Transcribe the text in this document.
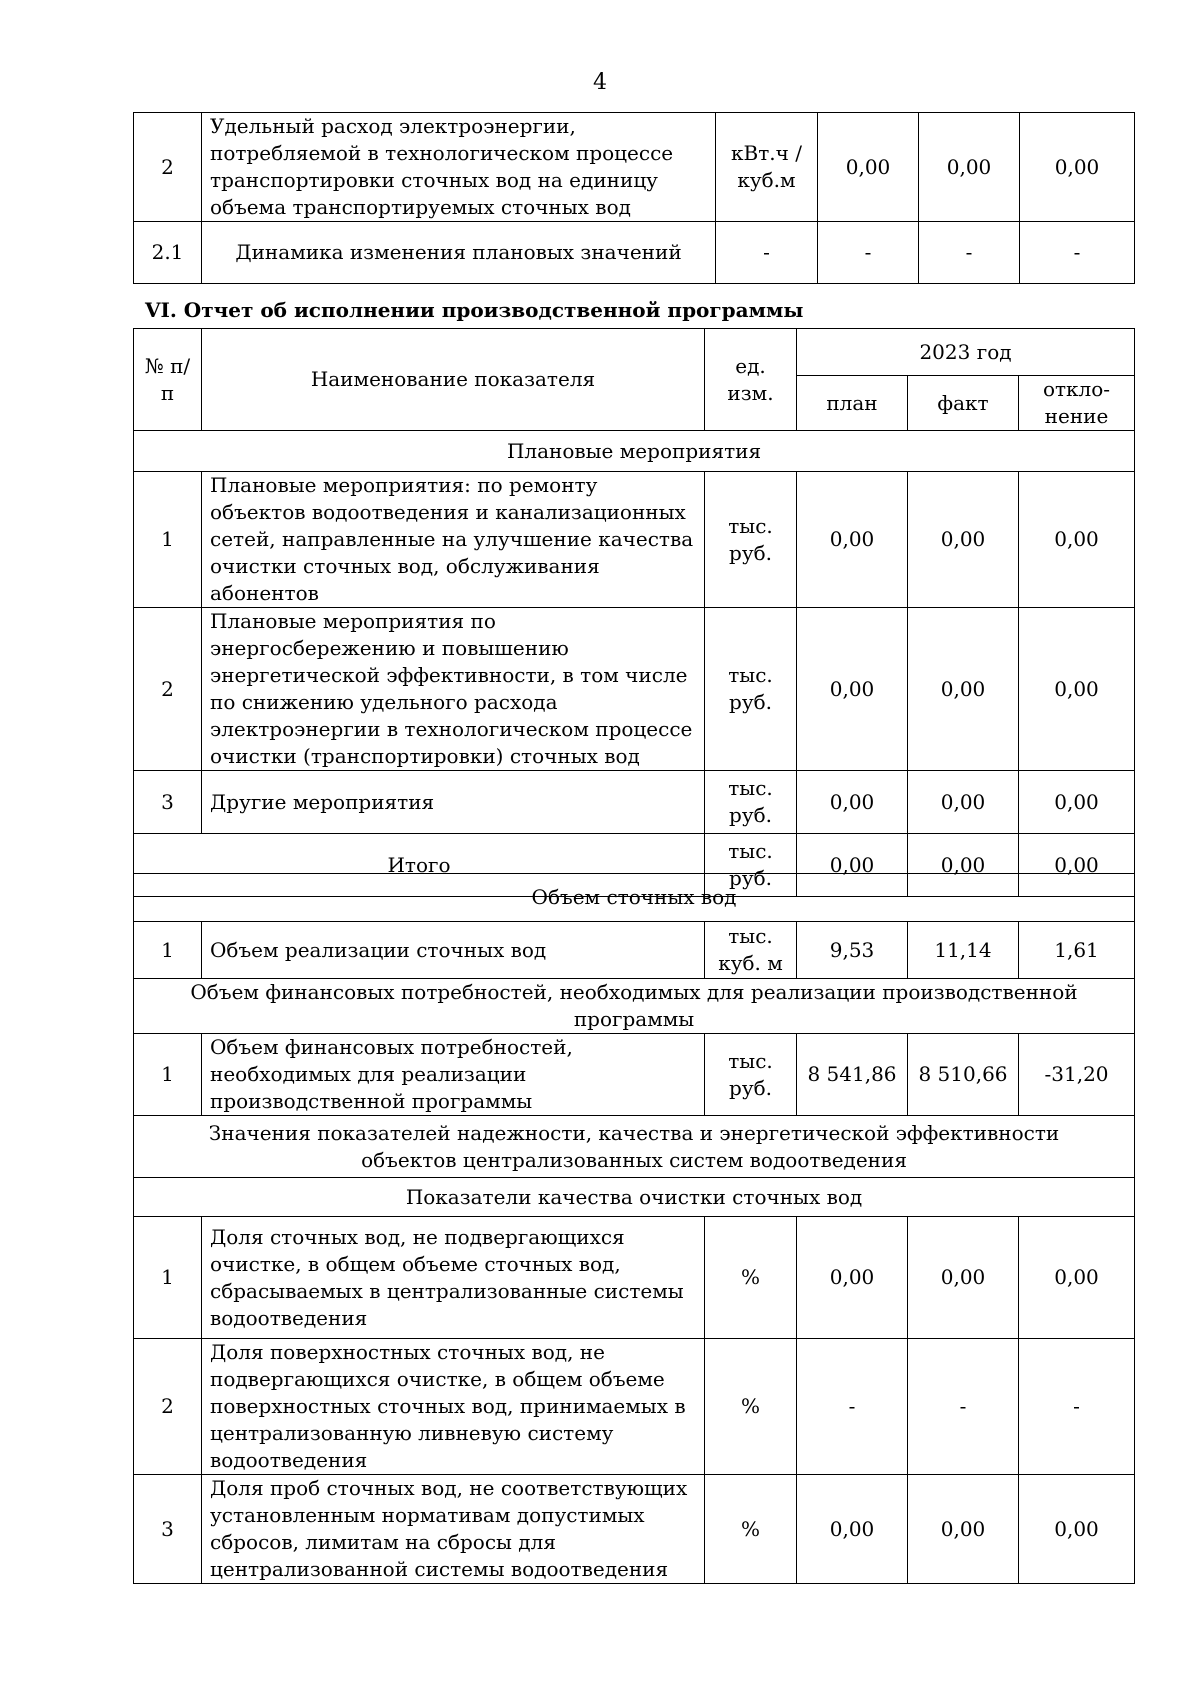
4
2	Удельный расход электроэнергии, потребляемой в технологическом процессе транспортировки сточных вод на единицу объема транспортируемых сточных вод	кВт.ч / куб.м	0,00	0,00	0,00
2.1	Динамика изменения плановых значений	-	-	-	-
VI. Отчет об исполнении производственной программы
№ п/п	Наименование показателя	ед. изм.	2023 год		
			план	факт	откло-нение
Плановые мероприятия					
1	Плановые мероприятия: по ремонту объектов водоотведения и канализационных сетей, направленные на улучшение качества очистки сточных вод, обслуживания абонентов	тыс. руб.	0,00	0,00	0,00
2	Плановые мероприятия по энергосбережению и повышению энергетической эффективности, в том числе по снижению удельного расхода электроэнергии в технологическом процессе очистки (транспортировки) сточных вод	тыс. руб.	0,00	0,00	0,00
3	Другие мероприятия	тыс. руб.	0,00	0,00	0,00
Итого		тыс. руб.	0,00	0,00	0,00
Объем сточных вод					
1	Объем реализации сточных вод	тыс. куб. м	9,53	11,14	1,61
Объем финансовых потребностей, необходимых для реализации производственной программы					
1	Объем финансовых потребностей, необходимых для реализации производственной программы	тыс. руб.	8 541,86	8 510,66	-31,20
Значения показателей надежности, качества и энергетической эффективности объектов централизованных систем водоотведения					
Показатели качества очистки сточных вод					
1	Доля сточных вод, не подвергающихся очистке, в общем объеме сточных вод, сбрасываемых в централизованные системы водоотведения	%	0,00	0,00	0,00
2	Доля поверхностных сточных вод, не подвергающихся очистке, в общем объеме поверхностных сточных вод, принимаемых в централизованную ливневую систему водоотведения	%	-	-	-
3	Доля проб сточных вод, не соответствующих установленным нормативам допустимых сбросов, лимитам на сбросы для централизованной системы водоотведения	%	0,00	0,00	0,00
